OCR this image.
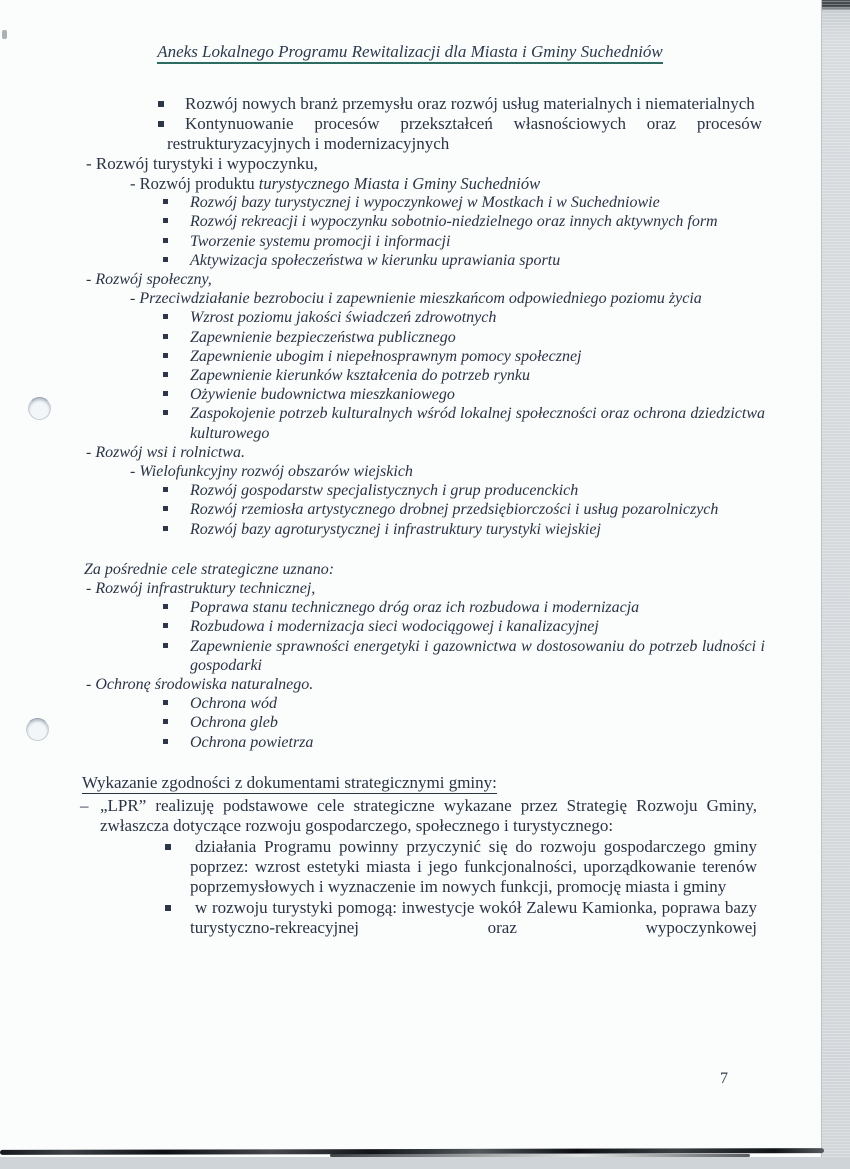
Aneks Lokalnego Programu Rewitalizacji dla Miasta i Gminy Suchedniów
Rozwój nowych branż przemysłu oraz rozwój usług materialnych i niematerialnych
Kontynuowanie procesów przekształceń własnościowych oraz procesów restrukturyzacyjnych i modernizacyjnych
- Rozwój turystyki i wypoczynku,
- Rozwój produktu turystycznego Miasta i Gminy Suchedniów
Rozwój bazy turystycznej i wypoczynkowej w Mostkach i w Suchedniowie
Rozwój rekreacji i wypoczynku sobotnio-niedzielnego oraz innych aktywnych form
Tworzenie systemu promocji i informacji
Aktywizacja społeczeństwa w kierunku uprawiania sportu
- Rozwój społeczny,
- Przeciwdziałanie bezrobociu i zapewnienie mieszkańcom odpowiedniego poziomu życia
Wzrost poziomu jakości świadczeń zdrowotnych
Zapewnienie bezpieczeństwa publicznego
Zapewnienie ubogim i niepełnosprawnym pomocy społecznej
Zapewnienie kierunków kształcenia do potrzeb rynku
Ożywienie budownictwa mieszkaniowego
Zaspokojenie potrzeb kulturalnych wśród lokalnej społeczności oraz ochrona dziedzictwa kulturowego
- Rozwój wsi i rolnictwa.
- Wielofunkcyjny rozwój obszarów wiejskich
Rozwój gospodarstw specjalistycznych i grup producenckich
Rozwój rzemiosła artystycznego drobnej przedsiębiorczości i usług pozarolniczych
Rozwój bazy agroturystycznej i infrastruktury turystyki wiejskiej
Za pośrednie cele strategiczne uznano:
- Rozwój infrastruktury technicznej,
Poprawa stanu technicznego dróg oraz ich rozbudowa i modernizacja
Rozbudowa i modernizacja sieci wodociągowej i kanalizacyjnej
Zapewnienie sprawności energetyki i gazownictwa w dostosowaniu do potrzeb ludności i gospodarki
- Ochronę środowiska naturalnego.
Ochrona wód
Ochrona gleb
Ochrona powietrza
Wykazanie zgodności z dokumentami strategicznymi gminy:
– „LPR” realizuję podstawowe cele strategiczne wykazane przez Strategię Rozwoju Gminy, zwłaszcza dotyczące rozwoju gospodarczego, społecznego i turystycznego:
działania Programu powinny przyczynić się do rozwoju gospodarczego gminy poprzez: wzrost estetyki miasta i jego funkcjonalności, uporządkowanie terenów poprzemysłowych i wyznaczenie im nowych funkcji, promocję miasta i gminy
w rozwoju turystyki pomogą: inwestycje wokół Zalewu Kamionka, poprawa bazy turystyczno-rekreacyjnej oraz wypoczynkowej
7
